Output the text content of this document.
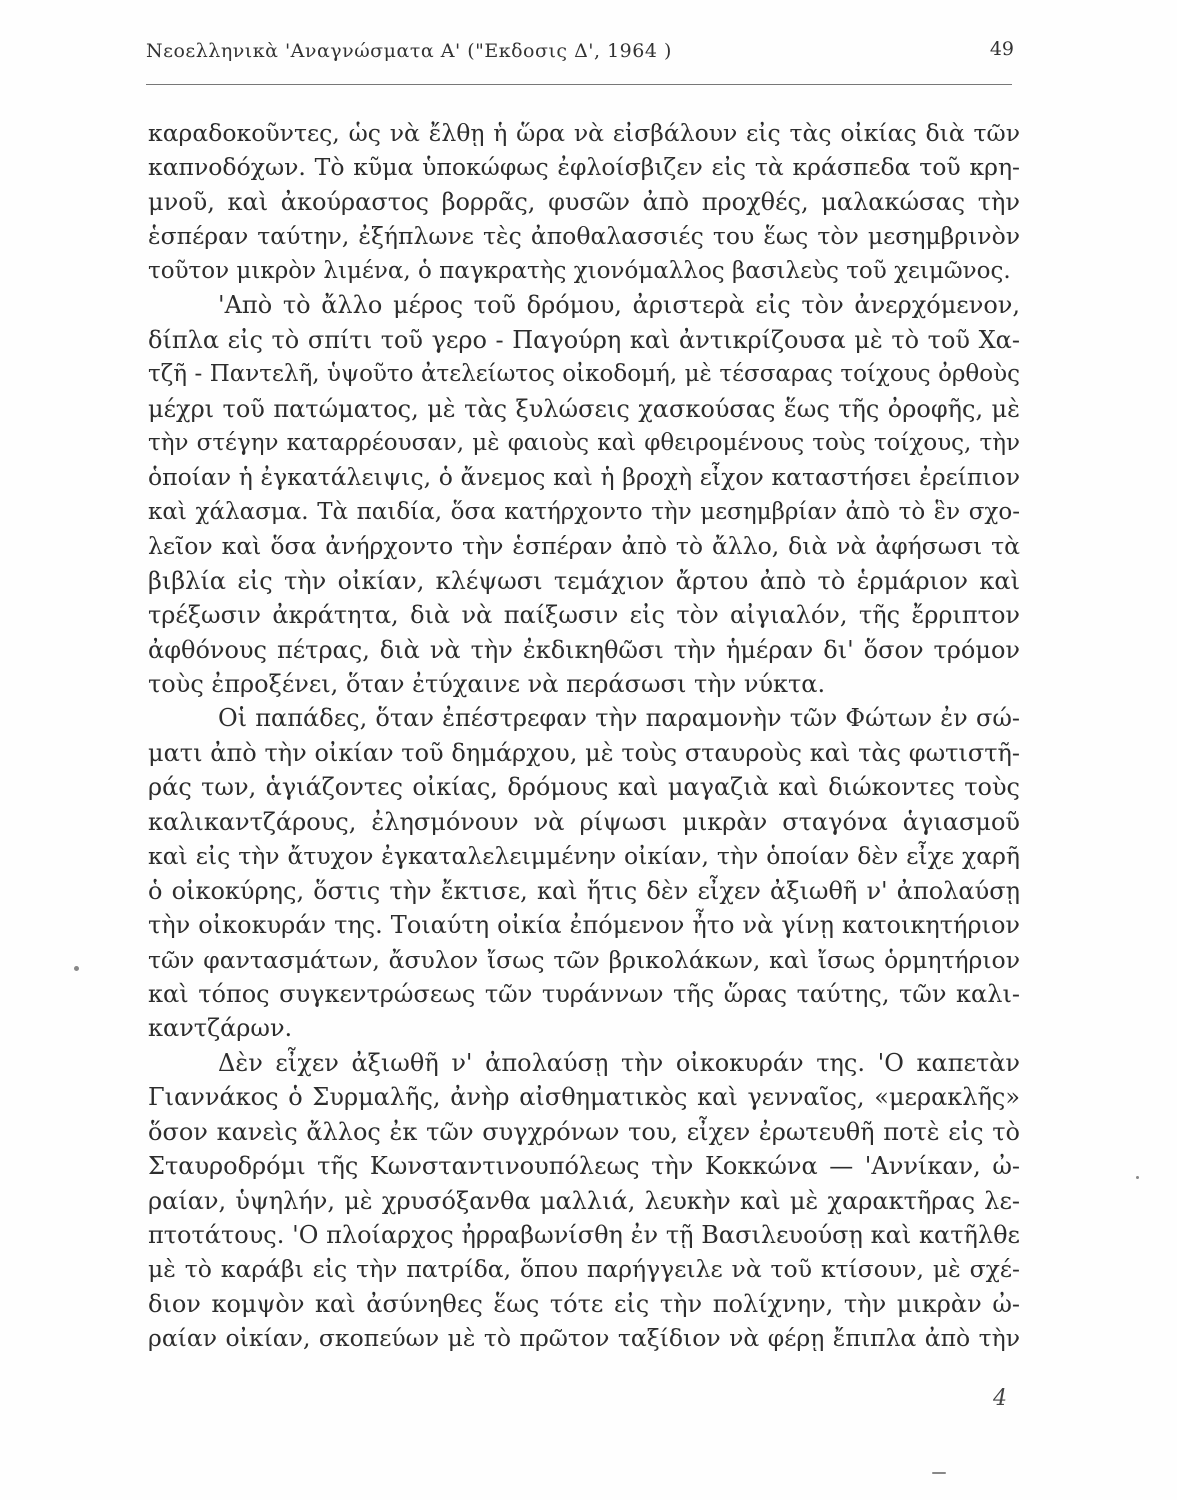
Νεοελληνικὰ 'Αναγνώσματα Α' ("Εκδοσις Δ', 1964 )	49
καραδοκοῦντες, ὡς νὰ ἔλθῃ ἡ ὥρα νὰ εἰσβάλουν εἰς τὰς οἰκίας διὰ τῶν
καπνοδόχων. Τὸ κῦμα ὑποκώφως ἐφλοίσβιζεν εἰς τὰ κράσπεδα τοῦ κρη-
μνοῦ, καὶ ἀκούραστος βορρᾶς, φυσῶν ἀπὸ προχθές, μαλακώσας τὴν
ἑσπέραν ταύτην, ἐξήπλωνε τὲς ἀποθαλασσιές του ἕως τὸν μεσημβρινὸν
τοῦτον μικρὸν λιμένα, ὁ παγκρατὴς χιονόμαλλος βασιλεὺς τοῦ χειμῶνος.
'Απὸ τὸ ἄλλο μέρος τοῦ δρόμου, ἀριστερὰ εἰς τὸν ἀνερχόμενον,
δίπλα εἰς τὸ σπίτι τοῦ γερο - Παγούρη καὶ ἀντικρίζουσα μὲ τὸ τοῦ Χα-
τζῆ - Παντελῆ, ὑψοῦτο ἀτελείωτος οἰκοδομή, μὲ τέσσαρας τοίχους ὀρθοὺς
μέχρι τοῦ πατώματος, μὲ τὰς ξυλώσεις χασκούσας ἕως τῆς ὀροφῆς, μὲ
τὴν στέγην καταρρέουσαν, μὲ φαιοὺς καὶ φθειρομένους τοὺς τοίχους, τὴν
ὁποίαν ἡ ἐγκατάλειψις, ὁ ἄνεμος καὶ ἡ βροχὴ εἶχον καταστήσει ἐρείπιον
καὶ χάλασμα. Τὰ παιδία, ὅσα κατήρχοντο τὴν μεσημβρίαν ἀπὸ τὸ ἓν σχο-
λεῖον καὶ ὅσα ἀνήρχοντο τὴν ἑσπέραν ἀπὸ τὸ ἄλλο, διὰ νὰ ἀφήσωσι τὰ
βιβλία εἰς τὴν οἰκίαν, κλέψωσι τεμάχιον ἄρτου ἀπὸ τὸ ἑρμάριον καὶ
τρέξωσιν ἀκράτητα, διὰ νὰ παίξωσιν εἰς τὸν αἰγιαλόν, τῆς ἔρριπτον
ἀφθόνους πέτρας, διὰ νὰ τὴν ἐκδικηθῶσι τὴν ἡμέραν δι' ὅσον τρόμον
τοὺς ἐπροξένει, ὅταν ἐτύχαινε νὰ περάσωσι τὴν νύκτα.
Οἱ παπάδες, ὅταν ἐπέστρεφαν τὴν παραμονὴν τῶν Φώτων ἐν σώ-
ματι ἀπὸ τὴν οἰκίαν τοῦ δημάρχου, μὲ τοὺς σταυροὺς καὶ τὰς φωτιστῆ-
ράς των, ἁγιάζοντες οἰκίας, δρόμους καὶ μαγαζιὰ καὶ διώκοντες τοὺς
καλικαντζάρους, ἐλησμόνουν νὰ ρίψωσι μικρὰν σταγόνα ἁγιασμοῦ
καὶ εἰς τὴν ἄτυχον ἐγκαταλελειμμένην οἰκίαν, τὴν ὁποίαν δὲν εἶχε χαρῆ
ὁ οἰκοκύρης, ὅστις τὴν ἔκτισε, καὶ ἥτις δὲν εἶχεν ἀξιωθῆ ν' ἀπολαύσῃ
τὴν οἰκοκυράν της. Τοιαύτη οἰκία ἐπόμενον ἦτο νὰ γίνῃ κατοικητήριον
τῶν φαντασμάτων, ἄσυλον ἴσως τῶν βρικολάκων, καὶ ἴσως ὁρμητήριον
καὶ τόπος συγκεντρώσεως τῶν τυράννων τῆς ὥρας ταύτης, τῶν καλι-
καντζάρων.
Δὲν εἶχεν ἀξιωθῆ ν' ἀπολαύσῃ τὴν οἰκοκυράν της. 'Ο καπετὰν
Γιαννάκος ὁ Συρμαλῆς, ἀνὴρ αἰσθηματικὸς καὶ γενναῖος, «μερακλῆς»
ὅσον κανεὶς ἄλλος ἐκ τῶν συγχρόνων του, εἶχεν ἐρωτευθῆ ποτὲ εἰς τὸ
Σταυροδρόμι τῆς Κωνσταντινουπόλεως τὴν Κοκκώνα — 'Αννίκαν, ὠ-
ραίαν, ὑψηλήν, μὲ χρυσόξανθα μαλλιά, λευκὴν καὶ μὲ χαρακτῆρας λε-
πτοτάτους. 'Ο πλοίαρχος ἠρραβωνίσθη ἐν τῇ Βασιλευούσῃ καὶ κατῆλθε
μὲ τὸ καράβι εἰς τὴν πατρίδα, ὅπου παρήγγειλε νὰ τοῦ κτίσουν, μὲ σχέ-
διον κομψὸν καὶ ἀσύνηθες ἕως τότε εἰς τὴν πολίχνην, τὴν μικρὰν ὠ-
ραίαν οἰκίαν, σκοπεύων μὲ τὸ πρῶτον ταξίδιον νὰ φέρῃ ἔπιπλα ἀπὸ τὴν
4
